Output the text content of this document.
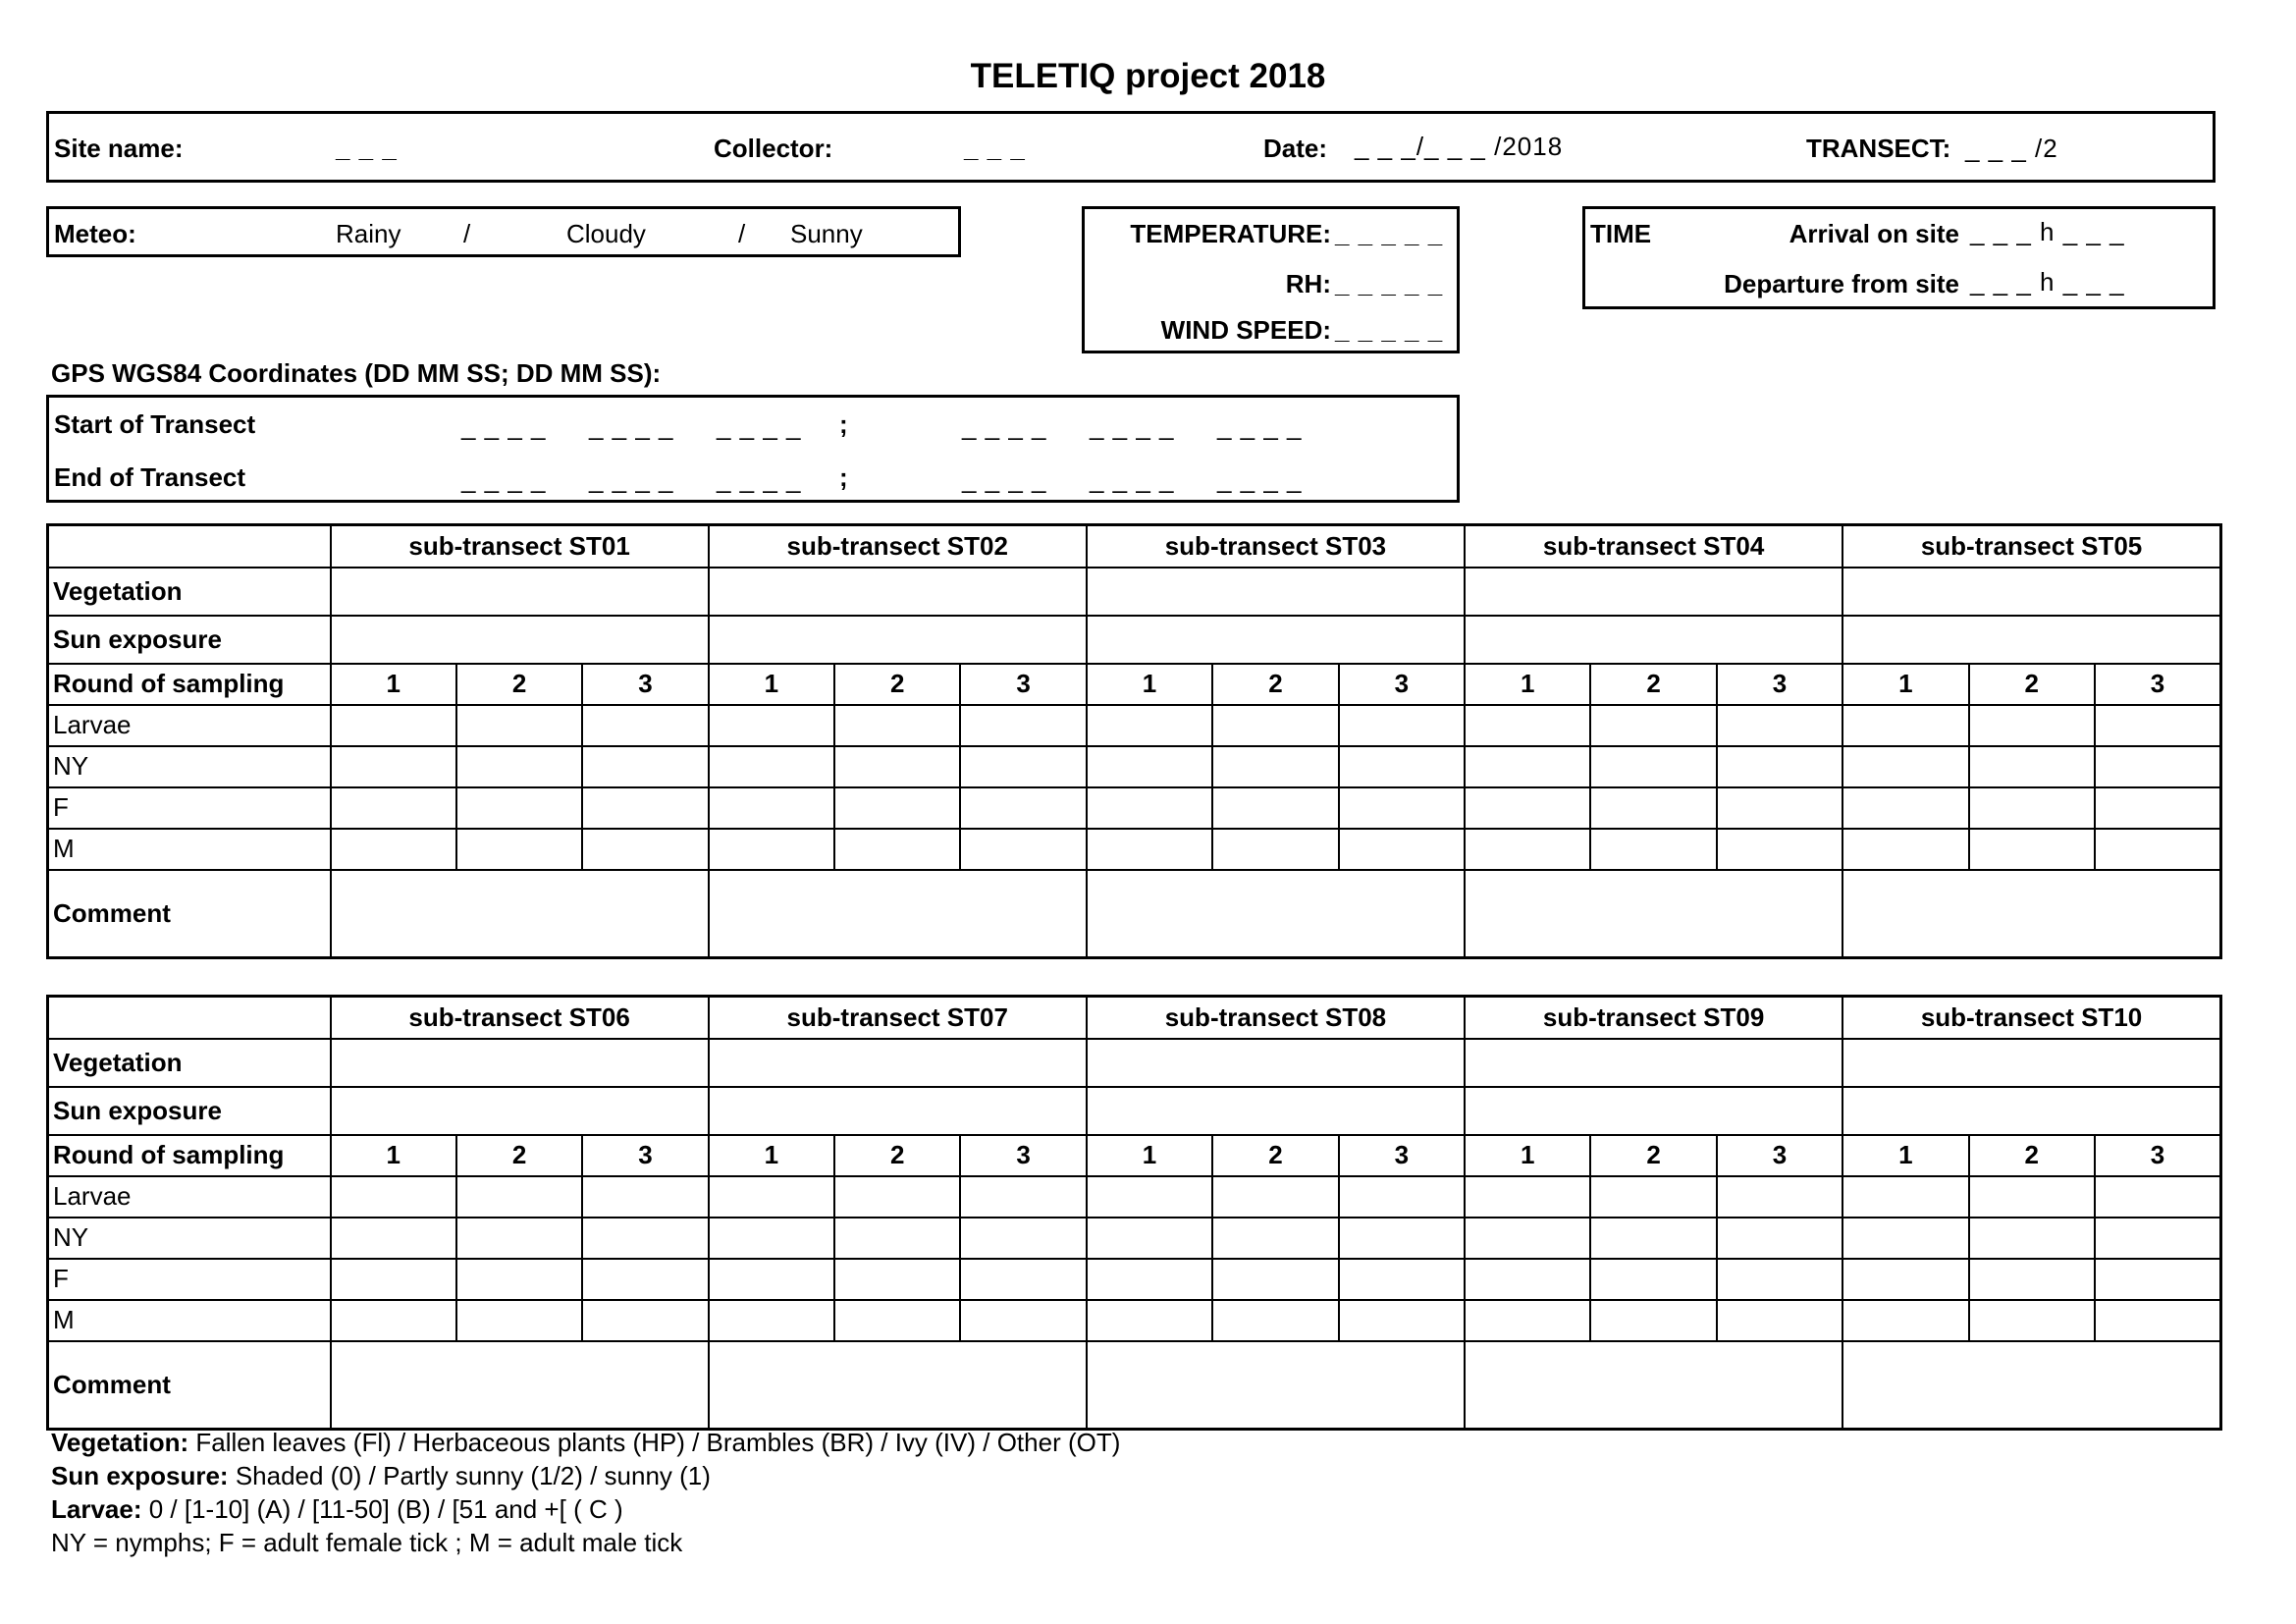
TELETIQ project 2018
Site name:	_ _ _	Collector:	_ _ _	Date: _ _ _/_ _ _ /2018	TRANSECT: _ _ _ /2
Meteo:	Rainy /	Cloudy	/ Sunny	TEMPERATURE: _ _ _ _ _
RH: _ _ _ _ _
WIND SPEED: _ _ _ _ _
TIME	Arrival on site _ _ _ h _ _ _
Departure from site _ _ _ h _ _ _
GPS WGS84 Coordinates (DD MM SS; DD MM SS):
Start of Transect	_ _ _ _ _ _ _ _ _ _ _ _ ;	_ _ _ _ _ _ _ _ _ _ _ _
End of Transect	_ _ _ _ _ _ _ _ _ _ _ _ ;	_ _ _ _ _ _ _ _ _ _ _ _
	sub-transect ST01			sub-transect ST02			sub-transect ST03			sub-transect ST04			sub-transect ST05		
Vegetation															
Sun exposure															
Round of sampling	1	2	3	1	2	3	1	2	3	1	2	3	1	2	3
Larvae															
NY															
F															
M															
Comment															
	sub-transect ST06			sub-transect ST07			sub-transect ST08			sub-transect ST09			sub-transect ST10		
Vegetation															
Sun exposure															
Round of sampling	1	2	3	1	2	3	1	2	3	1	2	3	1	2	3
Larvae															
NY															
F															
M															
Comment															
Vegetation: Fallen leaves (Fl) / Herbaceous plants (HP) / Brambles (BR) / Ivy (IV) / Other (OT)
Sun exposure: Shaded (0) / Partly sunny (1/2) / sunny (1)
Larvae: 0 / [1-10] (A) / [11-50] (B) / [51 and +[ ( C )
NY = nymphs; F = adult female tick ; M = adult male tick
